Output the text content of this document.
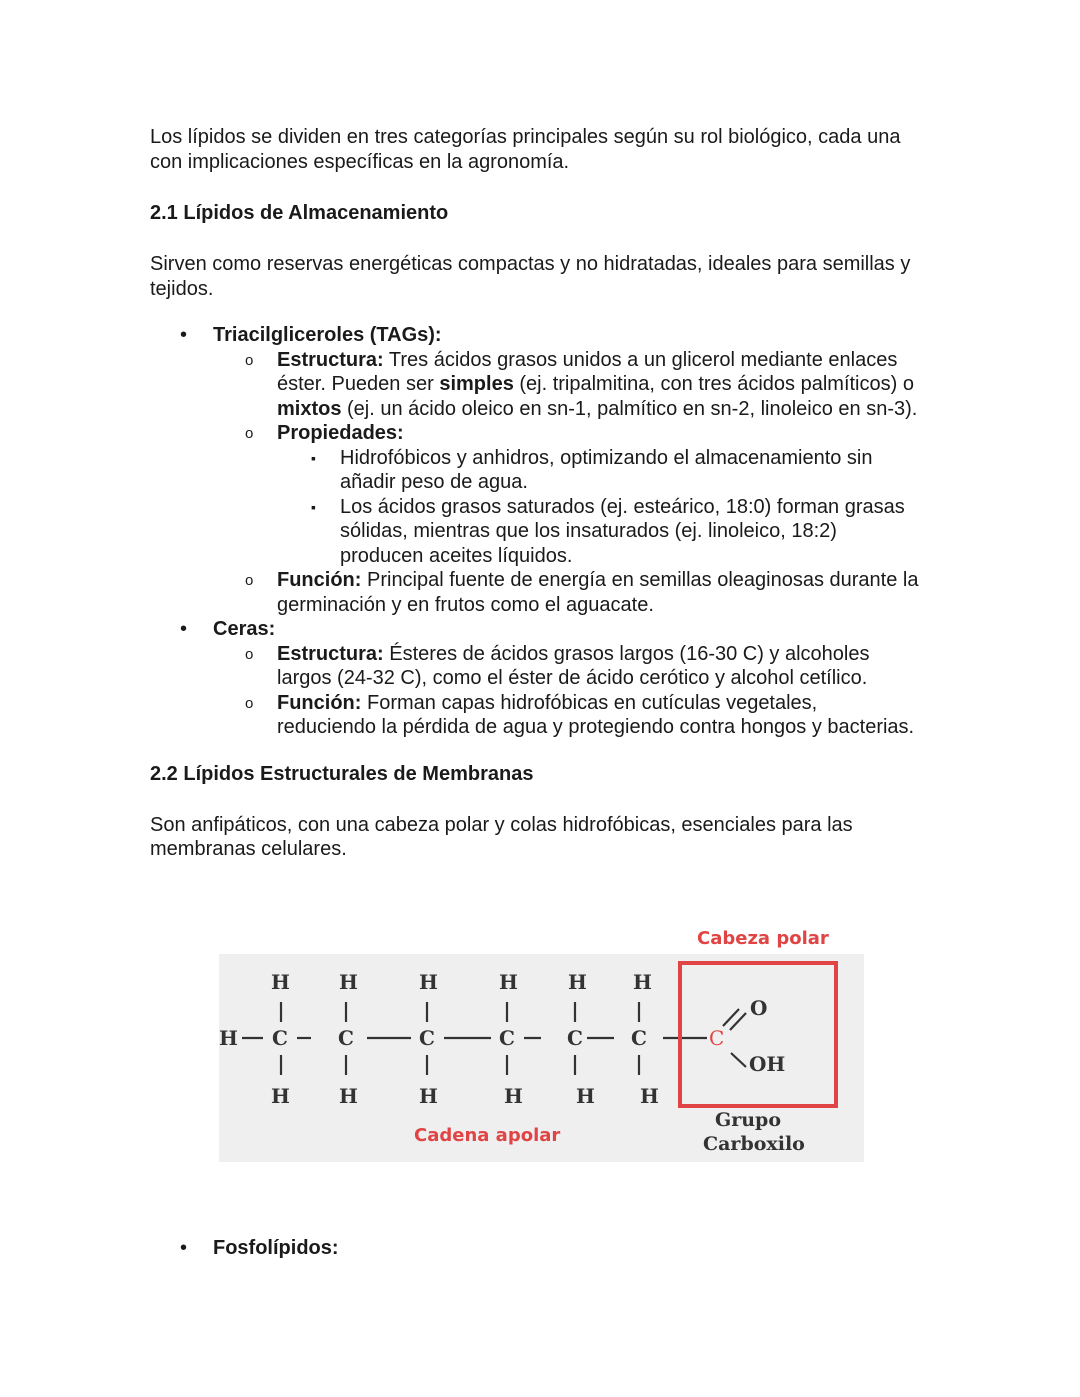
Los lípidos se dividen en tres categorías principales según su rol biológico, cada una con implicaciones específicas en la agronomía.

2.1 Lípidos de Almacenamiento

Sirven como reservas energéticas compactas y no hidratadas, ideales para semillas y tejidos.

• Triacilgliceroles (TAGs):
o Estructura: Tres ácidos grasos unidos a un glicerol mediante enlaces éster. Pueden ser simples (ej. tripalmitina, con tres ácidos palmíticos) o mixtos (ej. un ácido oleico en sn-1, palmítico en sn-2, linoleico en sn-3).
o Propiedades:
▪ Hidrofóbicos y anhidros, optimizando el almacenamiento sin añadir peso de agua.
▪ Los ácidos grasos saturados (ej. esteárico, 18:0) forman grasas sólidas, mientras que los insaturados (ej. linoleico, 18:2) producen aceites líquidos.
o Función: Principal fuente de energía en semillas oleaginosas durante la germinación y en frutos como el aguacate.
• Ceras:
o Estructura: Ésteres de ácidos grasos largos (16-30 C) y alcoholes largos (24-32 C), como el éster de ácido cerótico y alcohol cetílico.
o Función: Forman capas hidrofóbicas en cutículas vegetales, reduciendo la pérdida de agua y protegiendo contra hongos y bacterias.
2.2 Lípidos Estructurales de Membranas

Son anfipáticos, con una cabeza polar y colas hidrofóbicas, esenciales para las membranas celulares.

Cabeza polar
H H	H	H	H H
H C	C	C	C	C C	C
O
OH
H H	H	H	H H
Cadena apolar
Grupo
Carboxilo
• Fosfolípidos:
